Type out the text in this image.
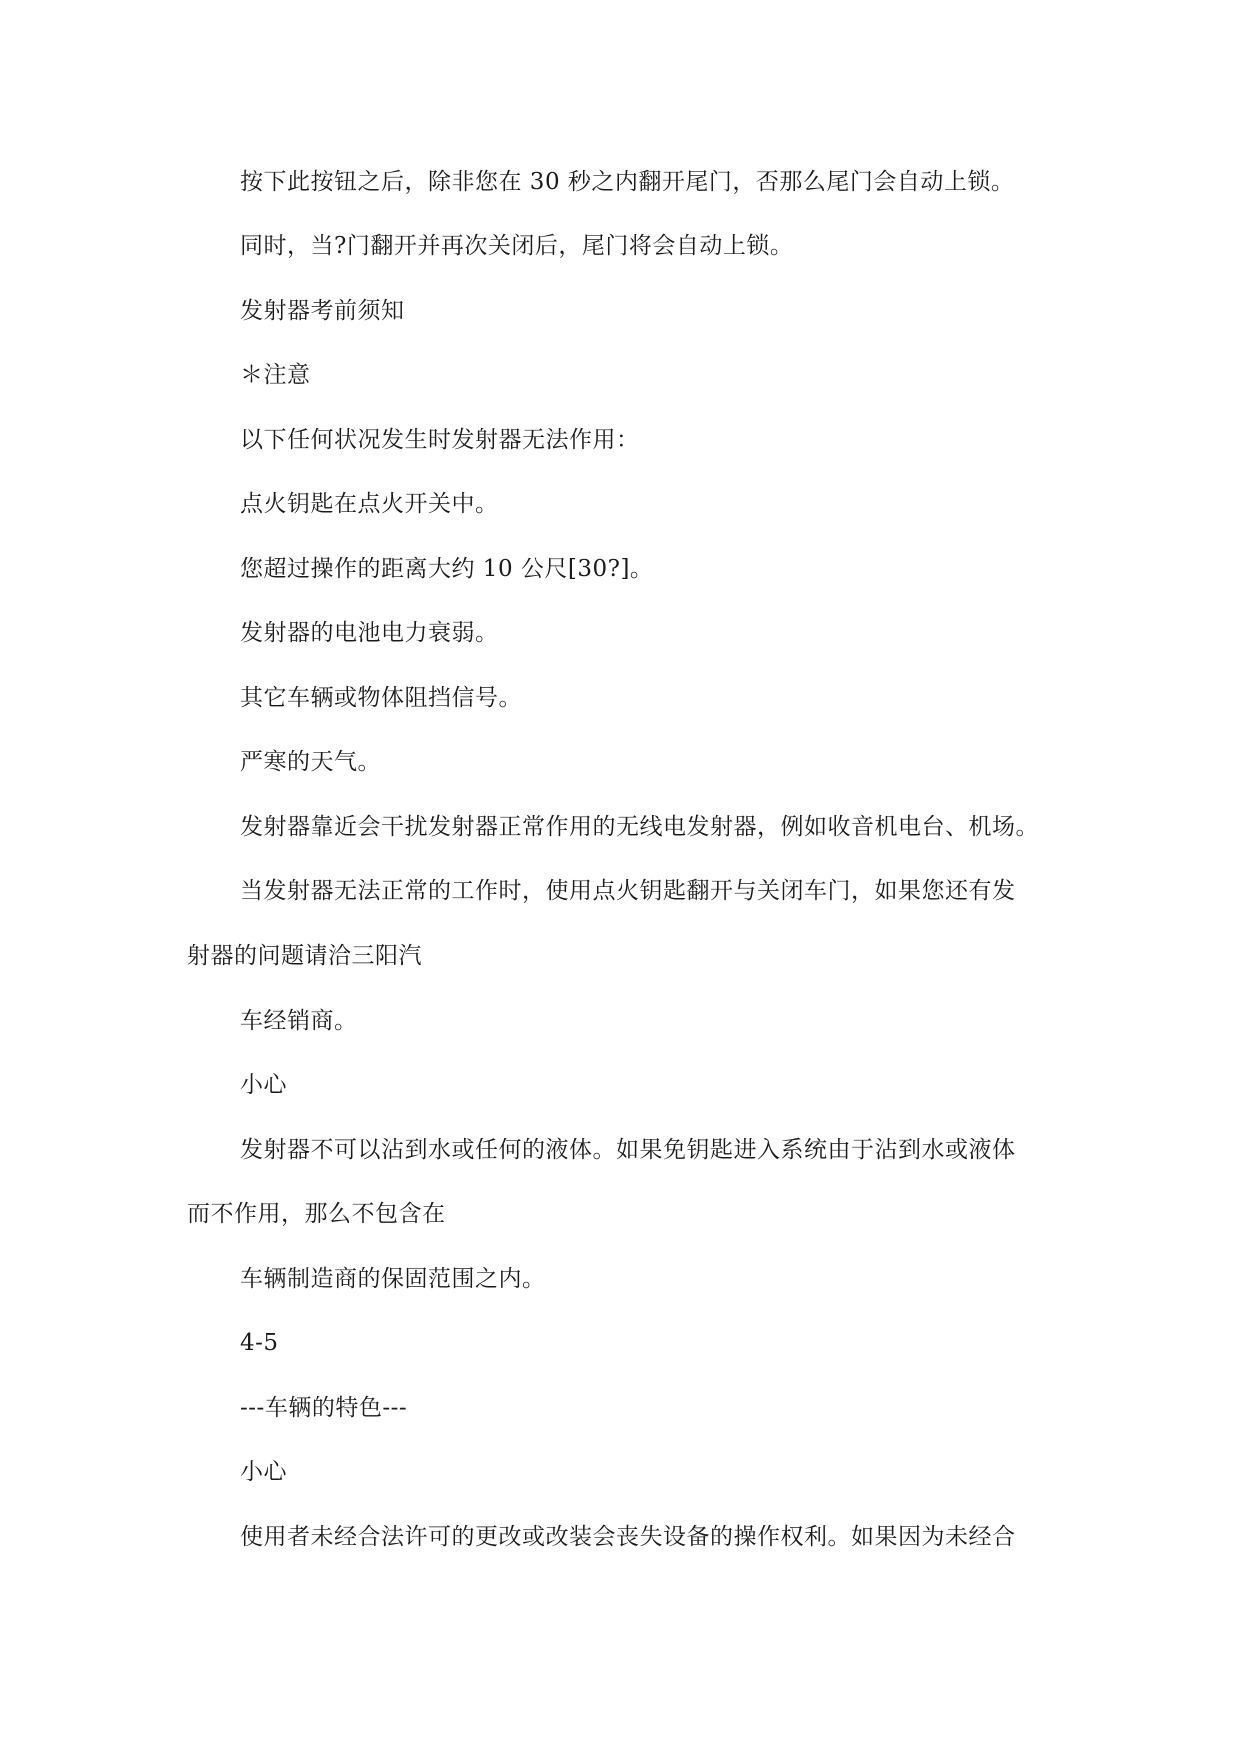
按下此按钮之后，除非您在 30 秒之内翻开尾门，否那么尾门会自动上锁。
同时，当?门翻开并再次关闭后，尾门将会自动上锁。
发射器考前须知
＊注意
以下任何状况发生时发射器无法作用：
点火钥匙在点火开关中。
您超过操作的距离大约 10 公尺[30?]。
发射器的电池电力衰弱。
其它车辆或物体阻挡信号。
严寒的天气。
发射器靠近会干扰发射器正常作用的无线电发射器，例如收音机电台、机场。
当发射器无法正常的工作时，使用点火钥匙翻开与关闭车门，如果您还有发
射器的问题请洽三阳汽
车经销商。
小心
发射器不可以沾到水或任何的液体。如果免钥匙进入系统由于沾到水或液体
而不作用，那么不包含在
车辆制造商的保固范围之内。
4-5
---车辆的特色---
小心
使用者未经合法许可的更改或改装会丧失设备的操作权利。如果因为未经合
